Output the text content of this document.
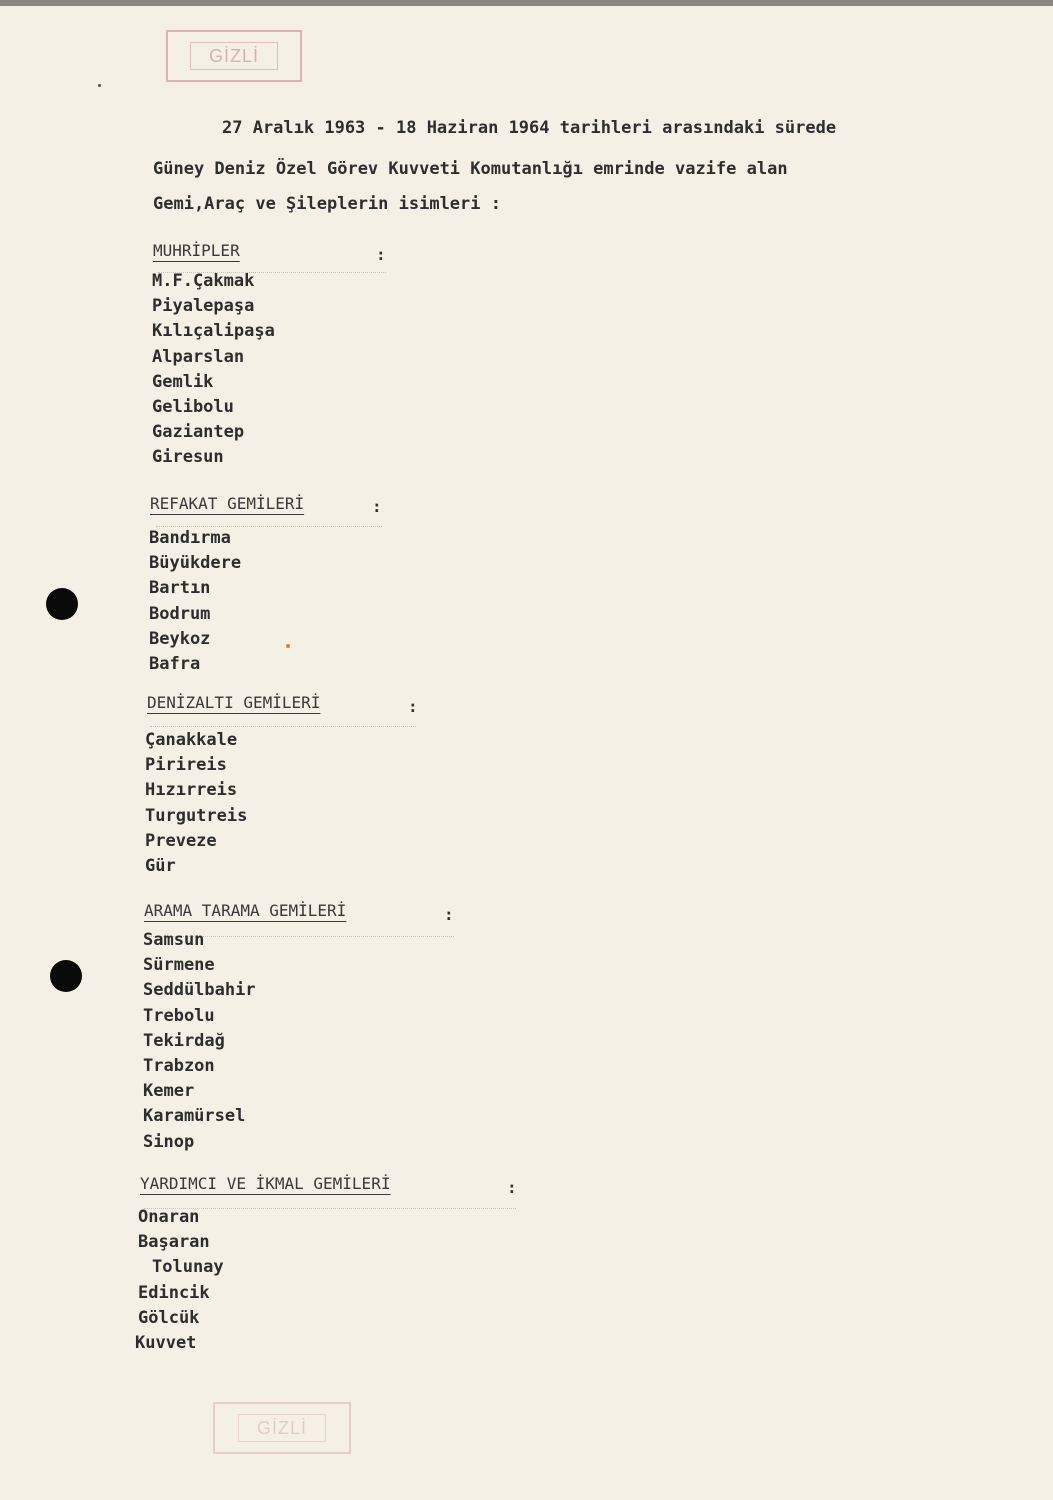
GİZLİ
27 Aralık 1963 - 18 Haziran 1964 tarihleri arasındaki sürede
Güney Deniz Özel Görev Kuvveti Komutanlığı emrinde vazife alan
Gemi,Araç ve Şileplerin isimleri :
MUHRİPLER	:
M.F.Çakmak
Piyalepaşa
Kılıçalipaşa
Alparslan
Gemlik
Gelibolu
Gaziantep
Giresun
REFAKAT GEMİLERİ	:
Bandırma
Büyükdere
Bartın
Bodrum
Beykoz
Bafra
DENİZALTI GEMİLERİ	:
Çanakkale
Pirireis
Hızırreis
Turgutreis
Preveze
Gür
ARAMA TARAMA GEMİLERİ	:
Samsun
Sürmene
Seddülbahir
Trebolu
Tekirdağ
Trabzon
Kemer
Karamürsel
Sinop
YARDIMCI VE İKMAL GEMİLERİ	:
Onaran
Başaran
Tolunay
Edincik
Gölcük
Kuvvet
GİZLİ
